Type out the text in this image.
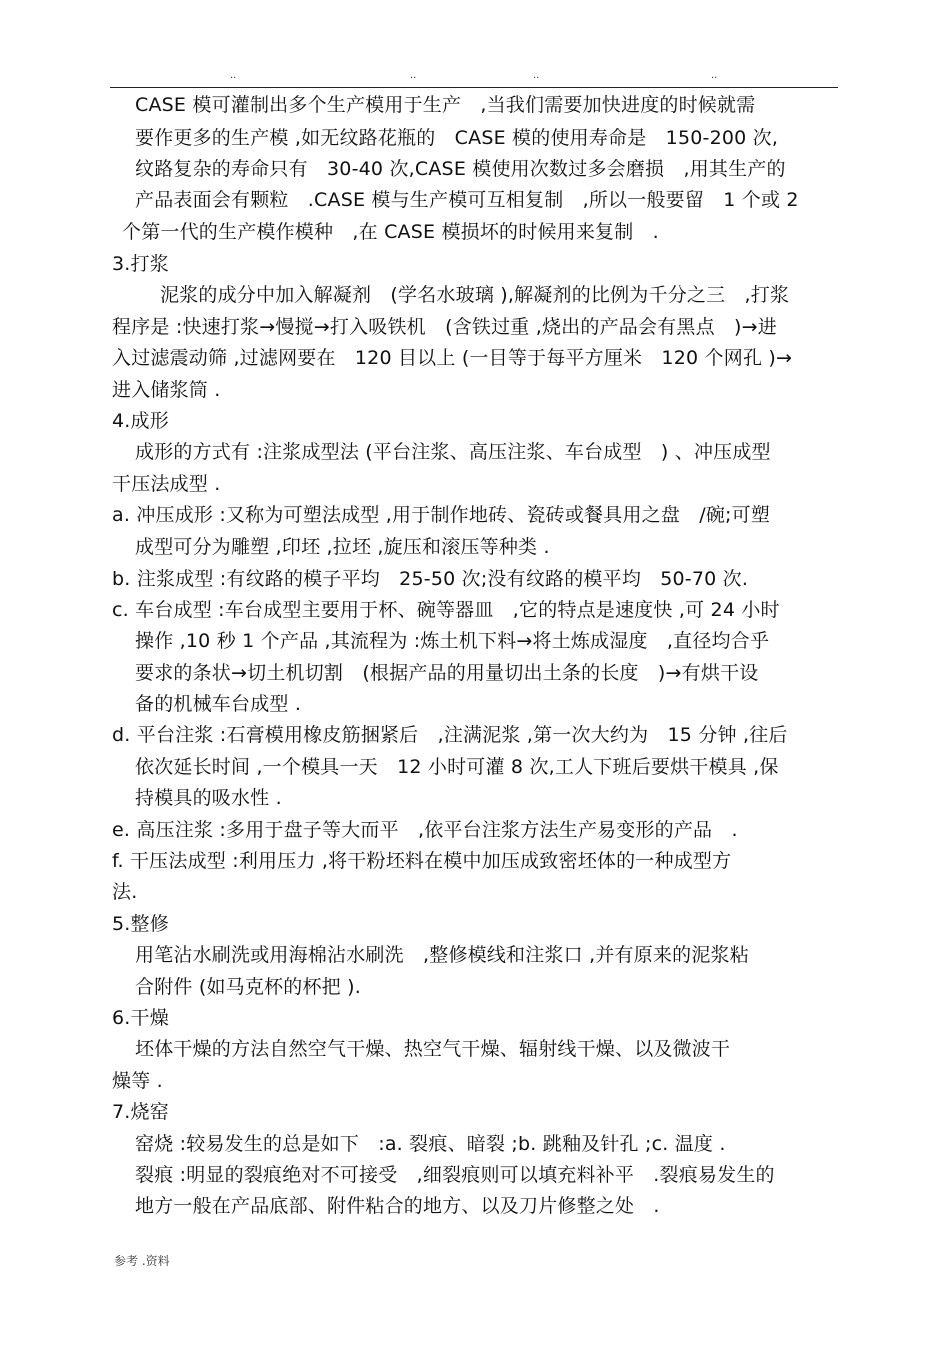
..	..	..	..
CASE 模可灌制出多个生产模用于生产　,当我们需要加快进度的时候就需
要作更多的生产模 ,如无纹路花瓶的　CASE 模的使用寿命是　150-200 次,
纹路复杂的寿命只有　30-40 次,CASE 模使用次数过多会磨损　,用其生产的
产品表面会有颗粒　.CASE 模与生产模可互相复制　,所以一般要留　1 个或 2
个第一代的生产模作模种　,在 CASE 模损坏的时候用来复制　.
3.打浆
泥浆的成分中加入解凝剂　(学名水玻璃 ),解凝剂的比例为千分之三　,打浆
程序是 :快速打浆→慢搅→打入吸铁机　(含铁过重 ,烧出的产品会有黑点　)→进
入过滤震动筛 ,过滤网要在　120 目以上 (一目等于每平方厘米　120 个网孔 )→
进入储浆筒 .
4.成形
成形的方式有 :注浆成型法 (平台注浆、高压注浆、车台成型　) 、冲压成型
干压法成型 .
a. 冲压成形 :又称为可塑法成型 ,用于制作地砖、瓷砖或餐具用之盘　/碗;可塑
成型可分为雕塑 ,印坯 ,拉坯 ,旋压和滚压等种类 .
b. 注浆成型 :有纹路的模子平均　25-50 次;没有纹路的模平均　50-70 次.
c. 车台成型 :车台成型主要用于杯、碗等器皿　,它的特点是速度快 ,可 24 小时
操作 ,10 秒 1 个产品 ,其流程为 :炼土机下料→将土炼成湿度　,直径均合乎
要求的条状→切土机切割　(根据产品的用量切出土条的长度　)→有烘干设
备的机械车台成型 .
d. 平台注浆 :石膏模用橡皮筋捆紧后　,注满泥浆 ,第一次大约为　15 分钟 ,往后
依次延长时间 ,一个模具一天　12 小时可灌 8 次,工人下班后要烘干模具 ,保
持模具的吸水性 .
e. 高压注浆 :多用于盘子等大而平　,依平台注浆方法生产易变形的产品　.
f. 干压法成型 :利用压力 ,将干粉坯料在模中加压成致密坯体的一种成型方
法.
5.整修
用笔沾水刷洗或用海棉沾水刷洗　,整修模线和注浆口 ,并有原来的泥浆粘
合附件 (如马克杯的杯把 ).
6.干燥
坯体干燥的方法自然空气干燥、热空气干燥、辐射线干燥、以及微波干
燥等 .
7.烧窑
窑烧 :较易发生的总是如下　:a. 裂痕、暗裂 ;b. 跳釉及针孔 ;c. 温度 .
裂痕 :明显的裂痕绝对不可接受　,细裂痕则可以填充料补平　.裂痕易发生的
地方一般在产品底部、附件粘合的地方、以及刀片修整之处　.
参考 .资料
